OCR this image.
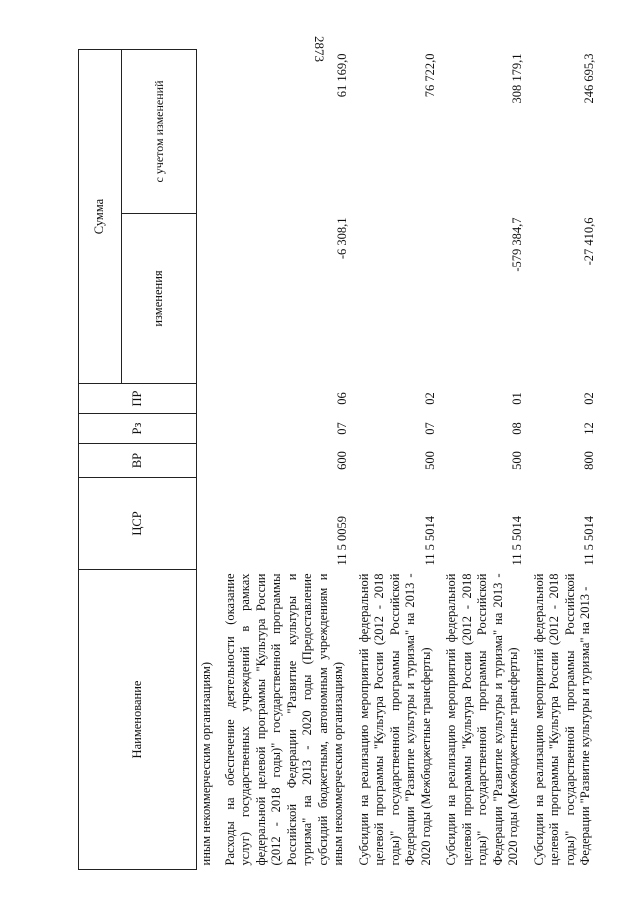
2873
Наименование	ЦСР	ВР	Рз	ПР	Сумма	
					изменения	с учетом изменений
иным некоммерческим организациям)						
Расходы на обеспечение деятельности (оказание услуг) государственных учреждений в рамках федеральной целевой программы "Культура России (2012 - 2018 годы)" государственной программы Российской Федерации "Развитие культуры и туризма" на 2013 - 2020 годы (Предоставление субсидий бюджетным, автономным учреждениям и иным некоммерческим организациям)	11 5 0059	600	07	06	-6 308,1	61 169,0
Субсидии на реализацию мероприятий федеральной целевой программы "Культура России (2012 - 2018 годы)" государственной программы Российской Федерации "Развитие культуры и туризма" на 2013 - 2020 годы (Межбюджетные трансферты)	11 5 5014	500	07	02		76 722,0
Субсидии на реализацию мероприятий федеральной целевой программы "Культура России (2012 - 2018 годы)" государственной программы Российской Федерации "Развитие культуры и туризма" на 2013 - 2020 годы (Межбюджетные трансферты)	11 5 5014	500	08	01	-579 384,7	308 179,1
Субсидии на реализацию мероприятий федеральной целевой программы "Культура России (2012 - 2018 годы)" государственной программы Российской Федерации "Развитие культуры и туризма" на 2013 -	11 5 5014	800	12	02	-27 410,6	246 695,3
